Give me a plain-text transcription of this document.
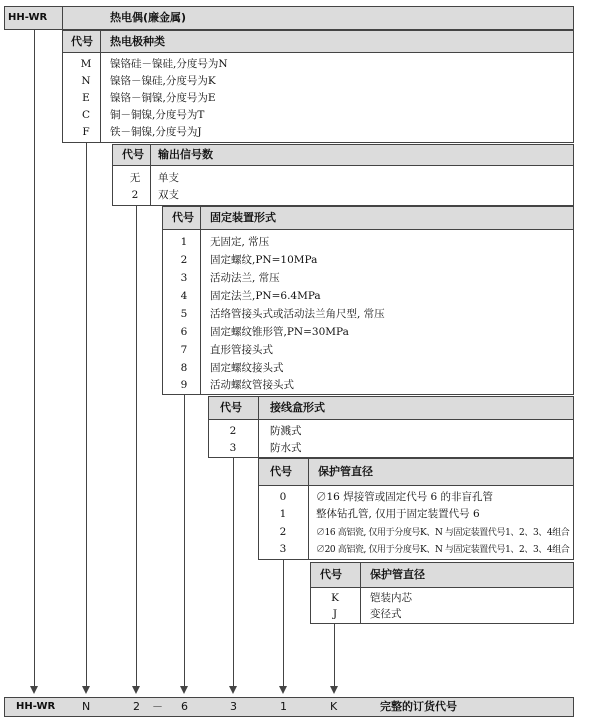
HH-WR	热电偶(廉金属)
代号 热电极种类
M	镍铬硅－镍硅,分度号为N
N	镍铬－镍硅,分度号为K
E	镍铬－铜镍,分度号为E
C	铜－铜镍,分度号为T
F	铁－铜镍,分度号为J
代号 输出信号数
无	单支
2	双支
代号 固定装置形式
1	无固定, 常压
2	固定螺纹,PN=10MPa
3	活动法兰, 常压
4	固定法兰,PN=6.4MPa
5	活络管接头式或活动法兰角尺型, 常压
6	固定螺纹锥形管,PN=30MPa
7	直形管接头式
8	固定螺纹接头式
9	活动螺纹管接头式
代号	接线盒形式
2	防溅式
3	防水式
代号 保护管直径
0	∅16 焊接管或固定代号 6 的非盲孔管
1	整体钻孔管, 仅用于固定装置代号 6
2	∅16 高铝瓷, 仅用于分度号K、N 与固定装置代号1、2、3、4组合
3	∅20 高铝瓷, 仅用于分度号K、N 与固定装置代号1、2、3、4组合
代号	保护管直径
K	铠装内芯
J	变径式
HH-WR N	2 － 6	3	1	K	完整的订货代号
